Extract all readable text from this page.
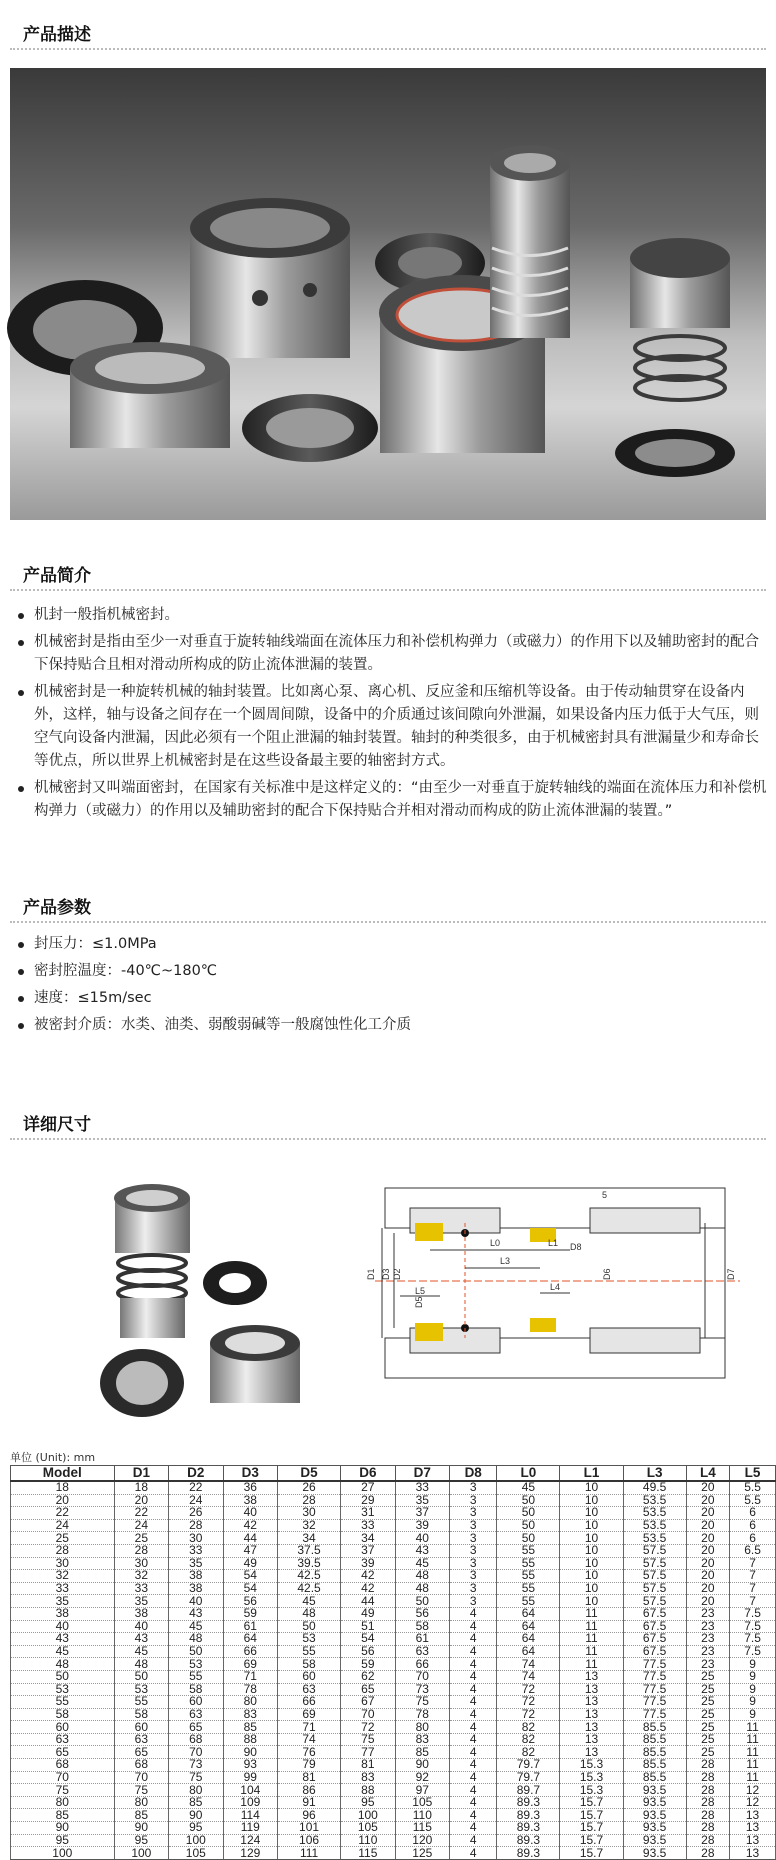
产品描述
产品简介
机封一般指机械密封。
机械密封是指由至少一对垂直于旋转轴线端面在流体压力和补偿机构弹力（或磁力）的作用下以及辅助密封的配合下保持贴合且相对滑动所构成的防止流体泄漏的装置。
机械密封是一种旋转机械的轴封装置。比如离心泵、离心机、反应釜和压缩机等设备。由于传动轴贯穿在设备内外，这样，轴与设备之间存在一个圆周间隙，设备中的介质通过该间隙向外泄漏，如果设备内压力低于大气压，则空气向设备内泄漏，因此必须有一个阻止泄漏的轴封装置。轴封的种类很多，由于机械密封具有泄漏量少和寿命长等优点，所以世界上机械密封是在这些设备最主要的轴密封方式。
机械密封又叫端面密封，在国家有关标准中是这样定义的：“由至少一对垂直于旋转轴线的端面在流体压力和补偿机构弹力（或磁力）的作用以及辅助密封的配合下保持贴合并相对滑动而构成的防止流体泄漏的装置。”
产品参数
封压力：≤1.0MPa
密封腔温度：-40℃~180℃
速度：≤15m/sec
被密封介质：水类、油类、弱酸弱碱等一般腐蚀性化工介质
详细尺寸
D1 D3 D2
D5
D6	D7
D8
L0	L1
L3
L4
L5
5
单位 (Unit): mm
Model	D1	D2	D3	D5	D6	D7	D8	L0	L1	L3	L4	L5
18	18	22	36	26	27	33	3	45	10	49.5	20	5.5
20	20	24	38	28	29	35	3	50	10	53.5	20	5.5
22	22	26	40	30	31	37	3	50	10	53.5	20	6
24	24	28	42	32	33	39	3	50	10	53.5	20	6
25	25	30	44	34	34	40	3	50	10	53.5	20	6
28	28	33	47	37.5	37	43	3	55	10	57.5	20	6.5
30	30	35	49	39.5	39	45	3	55	10	57.5	20	7
32	32	38	54	42.5	42	48	3	55	10	57.5	20	7
33	33	38	54	42.5	42	48	3	55	10	57.5	20	7
35	35	40	56	45	44	50	3	55	10	57.5	20	7
38	38	43	59	48	49	56	4	64	11	67.5	23	7.5
40	40	45	61	50	51	58	4	64	11	67.5	23	7.5
43	43	48	64	53	54	61	4	64	11	67.5	23	7.5
45	45	50	66	55	56	63	4	64	11	67.5	23	7.5
48	48	53	69	58	59	66	4	74	11	77.5	23	9
50	50	55	71	60	62	70	4	74	13	77.5	25	9
53	53	58	78	63	65	73	4	72	13	77.5	25	9
55	55	60	80	66	67	75	4	72	13	77.5	25	9
58	58	63	83	69	70	78	4	72	13	77.5	25	9
60	60	65	85	71	72	80	4	82	13	85.5	25	11
63	63	68	88	74	75	83	4	82	13	85.5	25	11
65	65	70	90	76	77	85	4	82	13	85.5	25	11
68	68	73	93	79	81	90	4	79.7	15.3	85.5	28	11
70	70	75	99	81	83	92	4	79.7	15.3	85.5	28	11
75	75	80	104	86	88	97	4	89.7	15.3	93.5	28	12
80	80	85	109	91	95	105	4	89.3	15.7	93.5	28	12
85	85	90	114	96	100	110	4	89.3	15.7	93.5	28	13
90	90	95	119	101	105	115	4	89.3	15.7	93.5	28	13
95	95	100	124	106	110	120	4	89.3	15.7	93.5	28	13
100	100	105	129	111	115	125	4	89.3	15.7	93.5	28	13
